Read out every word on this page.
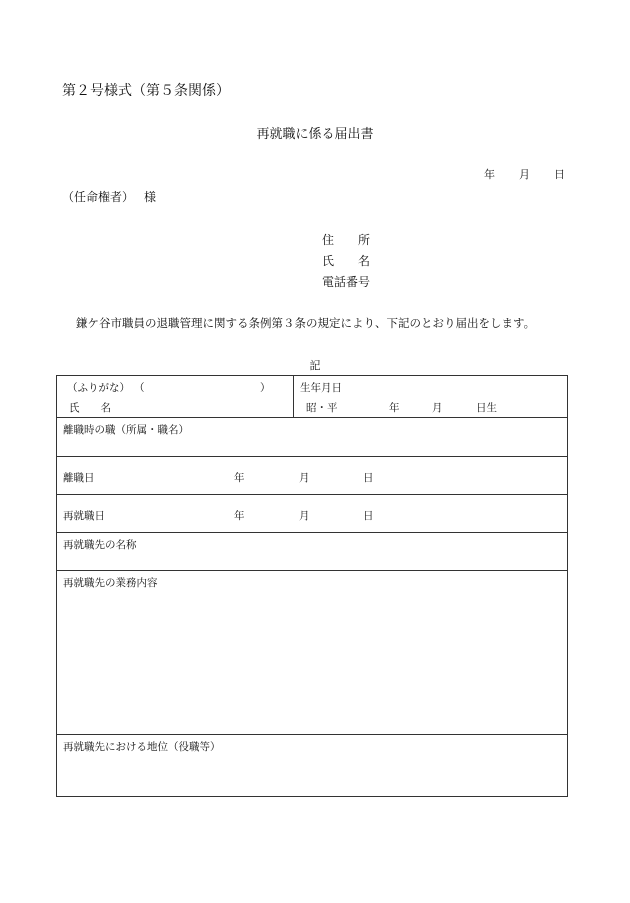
第２号様式（第５条関係）
再就職に係る届出書
年 月 日
（任命権者） 様
住　　所
氏　　名
電話番号
鎌ケ谷市職員の退職管理に関する条例第３条の規定により、下記のとおり届出をします。
記
（ふりがな） （	）
氏　　名

生年月日
昭・平	年	月	日生

離職時の職（所属・職名）

離職日	年	月	日

再就職日	年	月	日

再就職先の名称

再就職先の業務内容

再就職先における地位（役職等）
